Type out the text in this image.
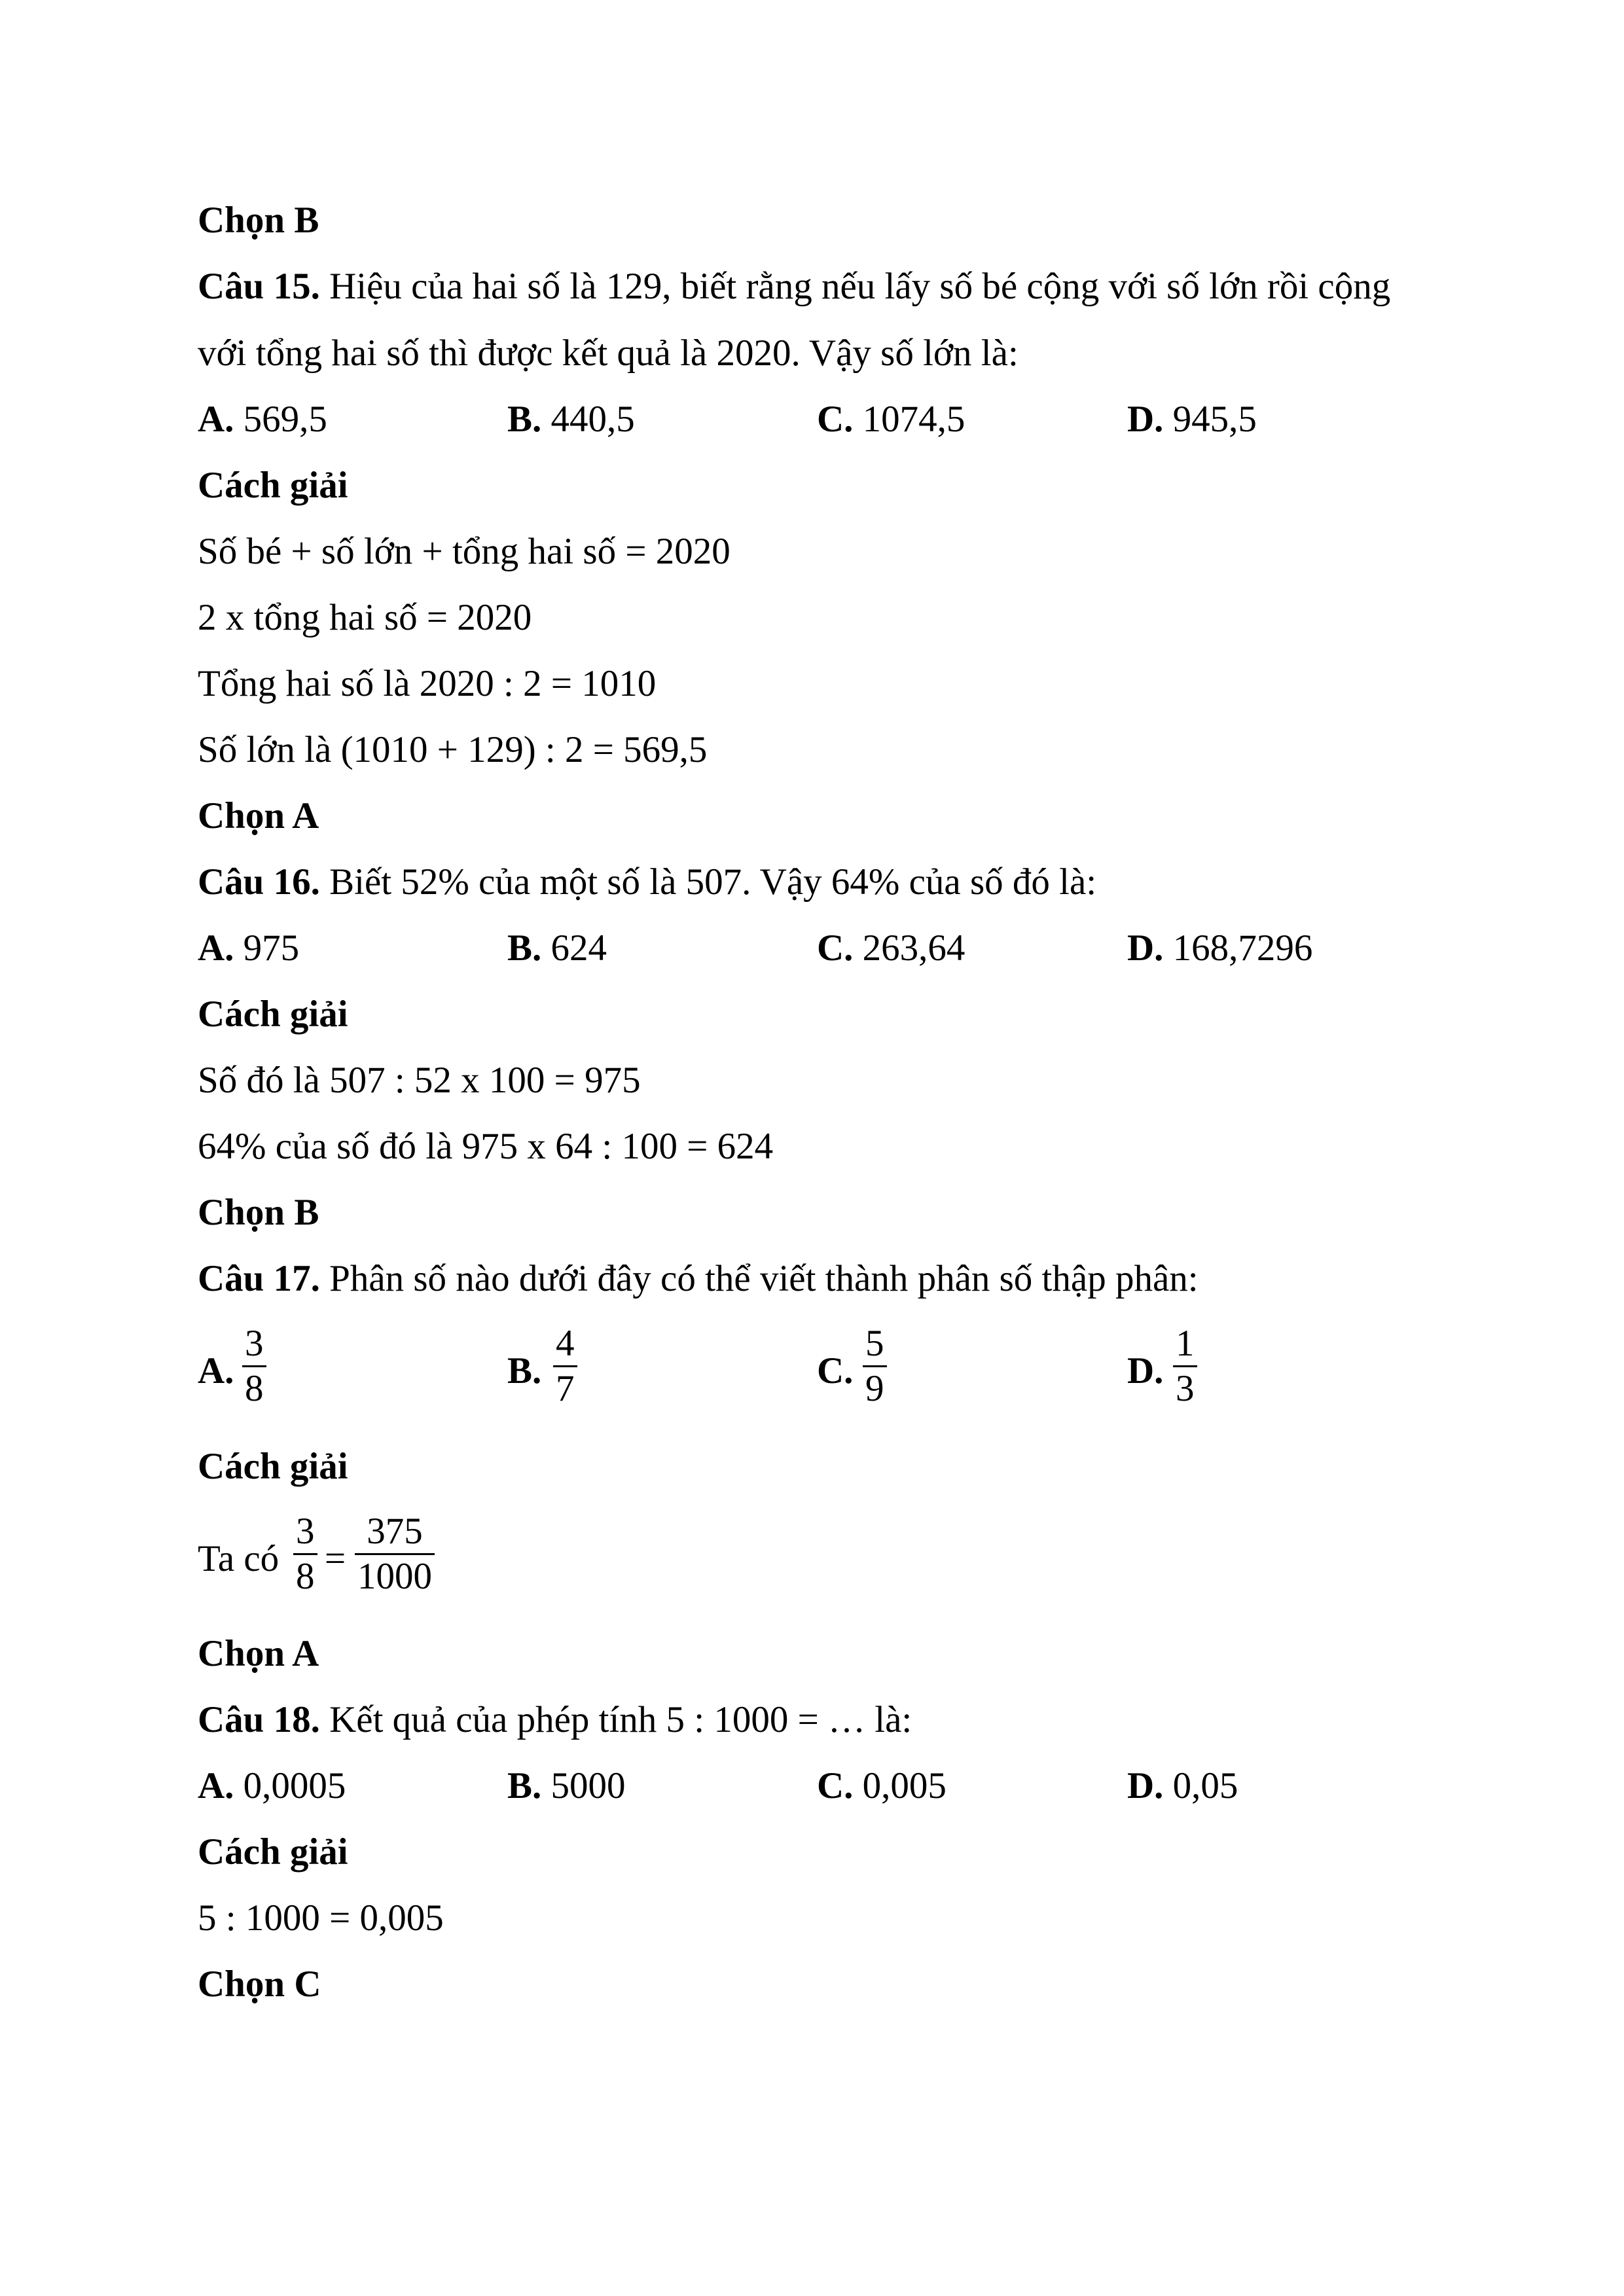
Chọn B
Câu 15. Hiệu của hai số là 129, biết rằng nếu lấy số bé cộng với số lớn rồi cộng
với tổng hai số thì được kết quả là 2020. Vậy số lớn là:
A. 569,5	B. 440,5	C. 1074,5	D. 945,5
Cách giải
Số bé + số lớn + tổng hai số = 2020
2 x tổng hai số = 2020
Tổng hai số là 2020 : 2 = 1010
Số lớn là (1010 + 129) : 2 = 569,5
Chọn A
Câu 16. Biết 52% của một số là 507. Vậy 64% của số đó là:
A. 975	B. 624	C. 263,64	D. 168,7296
Cách giải
Số đó là 507 : 52 x 100 = 975
64% của số đó là 975 x 64 : 100 = 624
Chọn B
Câu 17. Phân số nào dưới đây có thể viết thành phân số thập phân:
A.
3
8	B.
4
7	C.
5
9	D.
1
3
Cách giải
Ta có
3
8 =
375
1000
Chọn A
Câu 18. Kết quả của phép tính 5 : 1000 = … là:
A. 0,0005	B. 5000	C. 0,005	D. 0,05
Cách giải
5 : 1000 = 0,005
Chọn C
